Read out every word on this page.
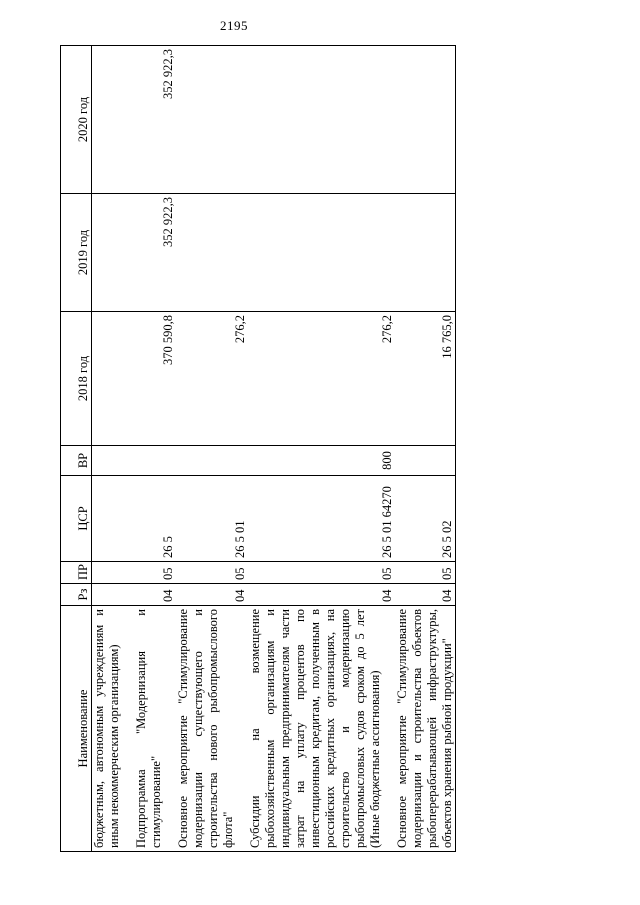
2195
Наименование	Рз	ПР	ЦСР	ВР	2018 год	2019 год	2020 год
бюджетным, автономным учреждениям и иным некоммерческим организациям)							
Подпрограмма "Модернизация и стимулирование"	04	05	26 5		370 590,8	352 922,3	352 922,3
Основное мероприятие "Стимулирование модернизации существующего и строительства нового рыбопромыслового флота"	04	05	26 5 01		276,2		
Субсидии на возмещение рыбохозяйственным организациям и индивидуальным предпринимателям части затрат на уплату процентов по инвестиционным кредитам, полученным в российских кредитных организациях, на строительство и модернизацию рыбопромысловых судов сроком до 5 лет (Иные бюджетные ассигнования)	04	05	26 5 01 64270	800	276,2		
Основное мероприятие "Стимулирование модернизации и строительства объектов рыбоперерабатывающей инфраструктуры, объектов хранения рыбной продукции"	04	05	26 5 02		16 765,0		
